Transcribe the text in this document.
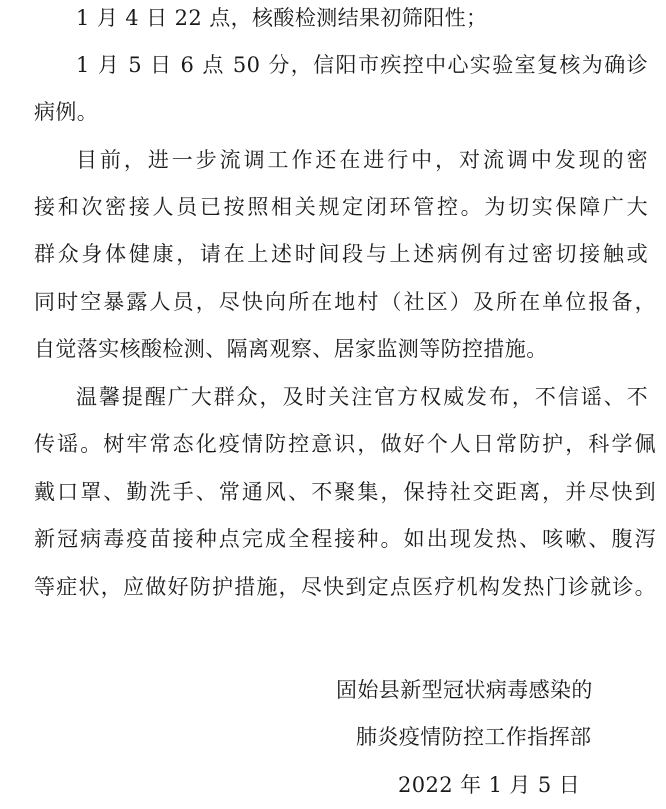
1 月 4 日 22 点，核酸检测结果初筛阳性；
1 月 5 日 6 点 50 分，信阳市疾控中心实验室复核为确诊
病例。
目前，进一步流调工作还在进行中，对流调中发现的密
接和次密接人员已按照相关规定闭环管控。为切实保障广大
群众身体健康，请在上述时间段与上述病例有过密切接触或
同时空暴露人员，尽快向所在地村（社区）及所在单位报备，
自觉落实核酸检测、隔离观察、居家监测等防控措施。
温馨提醒广大群众，及时关注官方权威发布，不信谣、不
传谣。树牢常态化疫情防控意识，做好个人日常防护，科学佩
戴口罩、勤洗手、常通风、不聚集，保持社交距离，并尽快到
新冠病毒疫苗接种点完成全程接种。如出现发热、咳嗽、腹泻
等症状，应做好防护措施，尽快到定点医疗机构发热门诊就诊。
固始县新型冠状病毒感染的
肺炎疫情防控工作指挥部
2022 年 1 月 5 日
